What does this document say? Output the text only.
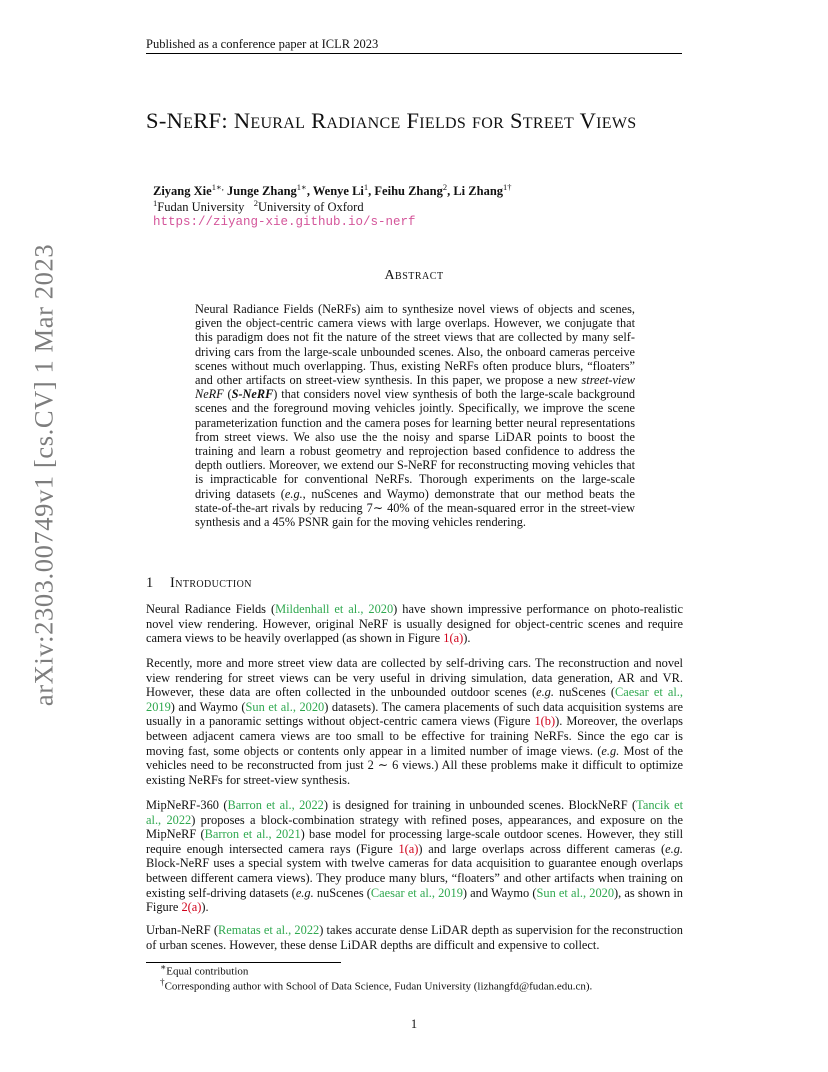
Published as a conference paper at ICLR 2023
S-NeRF: Neural Radiance Fields for Street Views
Ziyang Xie$^{1∗,}$ Junge Zhang$^{1∗}$, Wenye Li$^1$, Feihu Zhang$^2$, Li Zhang$^{1\dagger}$
$^1$Fudan University $^2$University of Oxford
https://ziyang-xie.github.io/s-nerf
Abstract
Neural Radiance Fields (NeRFs) aim to synthesize novel views of objects and scenes, given the object-centric camera views with large overlaps. However, we conjugate that this paradigm does not fit the nature of the street views that are collected by many self-driving cars from the large-scale unbounded scenes. Also, the onboard cameras perceive scenes without much overlapping. Thus, existing NeRFs often produce blurs, “floaters” and other artifacts on street-view synthesis. In this paper, we propose a new street-view NeRF (S-NeRF) that considers novel view synthesis of both the large-scale background scenes and the foreground moving vehicles jointly. Specifically, we improve the scene parameterization function and the camera poses for learning better neural representations from street views. We also use the the noisy and sparse LiDAR points to boost the training and learn a robust geometry and reprojection based confidence to address the depth outliers. Moreover, we extend our S-NeRF for reconstructing moving vehicles that is impracticable for conventional NeRFs. Thorough experiments on the large-scale driving datasets (e.g., nuScenes and Waymo) demonstrate that our method beats the state-of-the-art rivals by reducing 7∼ 40% of the mean-squared error in the street-view synthesis and a 45% PSNR gain for the moving vehicles rendering.
1 Introduction
Neural Radiance Fields (Mildenhall et al., 2020) have shown impressive performance on photo-realistic novel view rendering. However, original NeRF is usually designed for object-centric scenes and require camera views to be heavily overlapped (as shown in Figure 1(a)).
Recently, more and more street view data are collected by self-driving cars. The reconstruction and novel view rendering for street views can be very useful in driving simulation, data generation, AR and VR. However, these data are often collected in the unbounded outdoor scenes (e.g. nuScenes (Caesar et al., 2019) and Waymo (Sun et al., 2020) datasets). The camera placements of such data acquisition systems are usually in a panoramic settings without object-centric camera views (Figure 1(b)). Moreover, the overlaps between adjacent camera views are too small to be effective for training NeRFs. Since the ego car is moving fast, some objects or contents only appear in a limited number of image views. (e.g. Most of the vehicles need to be reconstructed from just 2 ∼ 6 views.) All these problems make it difficult to optimize existing NeRFs for street-view synthesis.
MipNeRF-360 (Barron et al., 2022) is designed for training in unbounded scenes. BlockNeRF (Tancik et al., 2022) proposes a block-combination strategy with refined poses, appearances, and exposure on the MipNeRF (Barron et al., 2021) base model for processing large-scale outdoor scenes. However, they still require enough intersected camera rays (Figure 1(a)) and large overlaps across different cameras (e.g. Block-NeRF uses a special system with twelve cameras for data acquisition to guarantee enough overlaps between different camera views). They produce many blurs, “floaters” and other artifacts when training on existing self-driving datasets (e.g. nuScenes (Caesar et al., 2019) and Waymo (Sun et al., 2020), as shown in Figure 2(a)).
Urban-NeRF (Rematas et al., 2022) takes accurate dense LiDAR depth as supervision for the reconstruction of urban scenes. However, these dense LiDAR depths are difficult and expensive to collect.
∗Equal contribution
†Corresponding author with School of Data Science, Fudan University (lizhangfd@fudan.edu.cn).
1
arXiv:2303.00749v1 [cs.CV] 1 Mar 2023
